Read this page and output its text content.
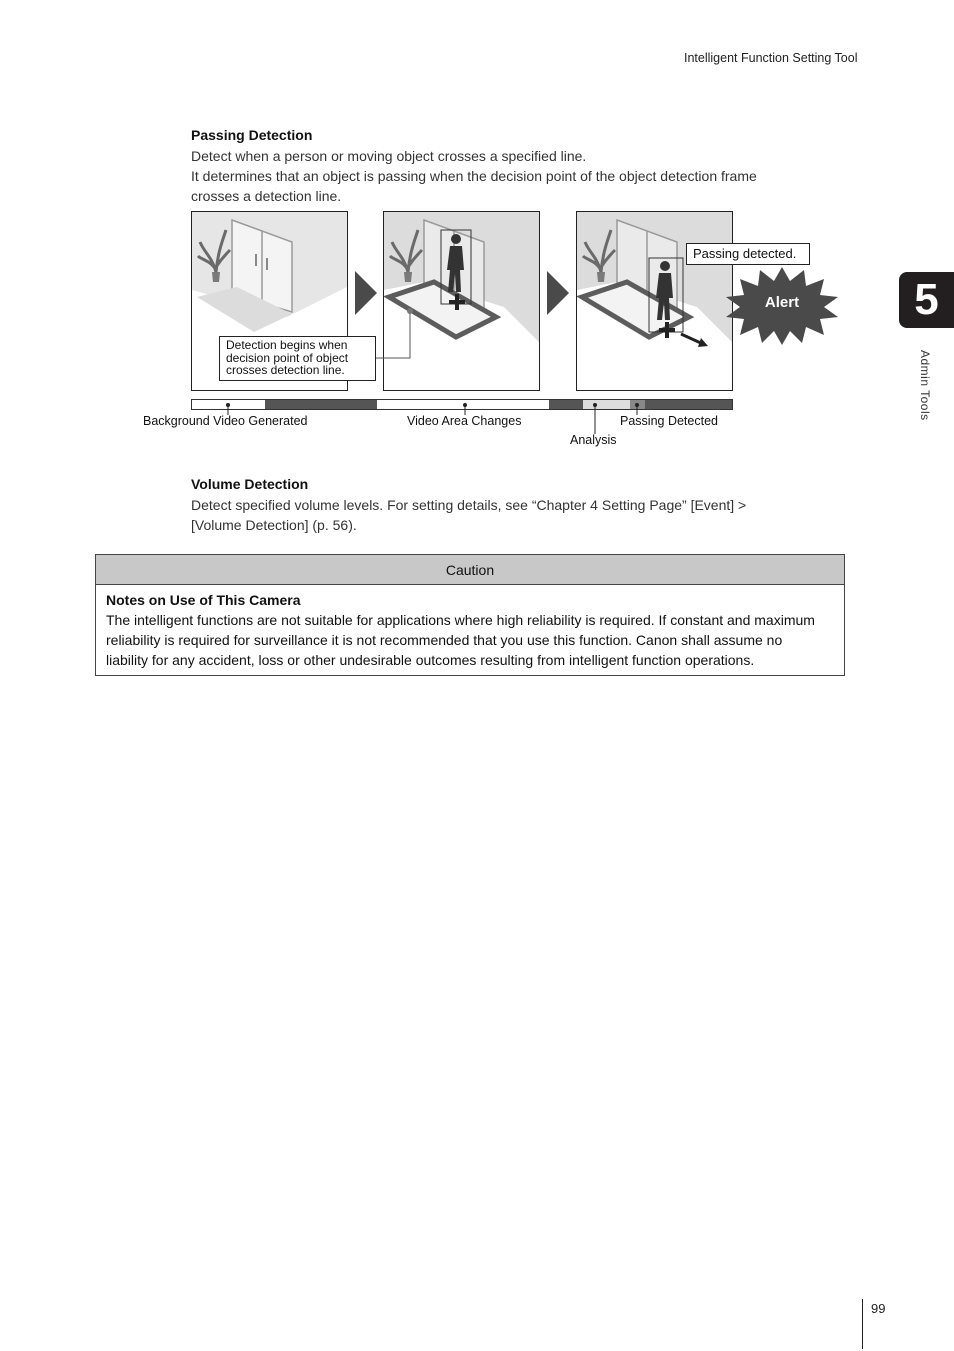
Intelligent Function Setting Tool
5
Admin Tools
Passing Detection
Detect when a person or moving object crosses a specified line.
It determines that an object is passing when the decision point of the object detection frame
crosses a detection line.
Detection begins when
decision point of object
crosses detection line.
Passing detected.
Alert
Background Video Generated	Video Area Changes
Analysis
Passing Detected
Volume Detection
Detect specified volume levels. For setting details, see “Chapter 4 Setting Page” [Event] >
[Volume Detection] (p. 56).
Caution
Notes on Use of This Camera
The intelligent functions are not suitable for applications where high reliability is required. If constant and maximum
reliability is required for surveillance it is not recommended that you use this function. Canon shall assume no
liability for any accident, loss or other undesirable outcomes resulting from intelligent function operations.
99
